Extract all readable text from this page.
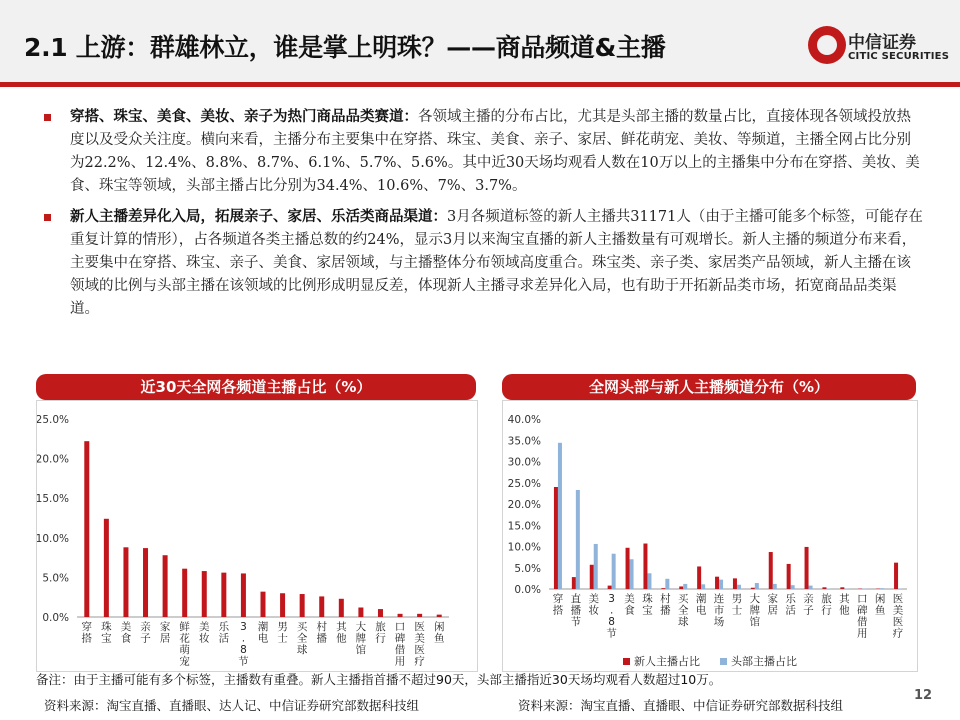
2.1 上游：群雄林立，谁是掌上明珠？——商品频道&主播	中信证券
CITIC SECURITIES
穿搭、珠宝、美食、美妆、亲子为热门商品品类赛道：各领域主播的分布占比，尤其是头部主播的数量占比，直接体现各领域投放热度以及受众关注度。横向来看，主播分布主要集中在穿搭、珠宝、美食、亲子、家居、鲜花萌宠、美妆、等频道，主播全网占比分别为22.2%、12.4%、8.8%、8.7%、6.1%、5.7%、5.6%。其中近30天场均观看人数在10万以上的主播集中分布在穿搭、美妆、美食、珠宝等领域，头部主播占比分别为34.4%、10.6%、7%、3.7%。
新人主播差异化入局，拓展亲子、家居、乐活类商品渠道：3月各频道标签的新人主播共31171人（由于主播可能多个标签，可能存在重复计算的情形），占各频道各类主播总数的约24%，显示3月以来淘宝直播的新人主播数量有可观增长。新人主播的频道分布来看，主要集中在穿搭、珠宝、亲子、美食、家居领域，与主播整体分布领域高度重合。珠宝类、亲子类、家居类产品领域，新人主播在该领域的比例与头部主播在该领域的比例形成明显反差，体现新人主播寻求差异化入局，也有助于开拓新品类市场，拓宽商品品类渠道。
近30天全网各频道主播占比（%）
0.0%
5.0%
10.0%
15.0%
20.0%
25.0%
穿搭
珠宝
美食
亲子
家居
鲜花萌宠
美妆
乐活
3 . 8 节
潮电
男士
买全球
村播
其他
大牌馆
旅行
口碑借用
医美医疗
闲鱼
全网头部与新人主播频道分布（%）
0.0%
5.0%
10.0%
15.0%
20.0%
25.0%
30.0%
35.0%
40.0%
穿搭
直播节
美妆
3 . 8 节
美食
珠宝
村播
买全球
潮电
连市场
男士
大牌馆
家居
乐活
亲子
旅行
其他
口碑借用
闲鱼
医美医疗
新人主播占比	头部主播占比
备注：由于主播可能有多个标签，主播数有重叠。新人主播指首播不超过90天，头部主播指近30天场均观看人数超过10万。
资料来源：淘宝直播、直播眼、达人记、中信证券研究部数据科技组	资料来源：淘宝直播、直播眼、中信证券研究部数据科技组
12
